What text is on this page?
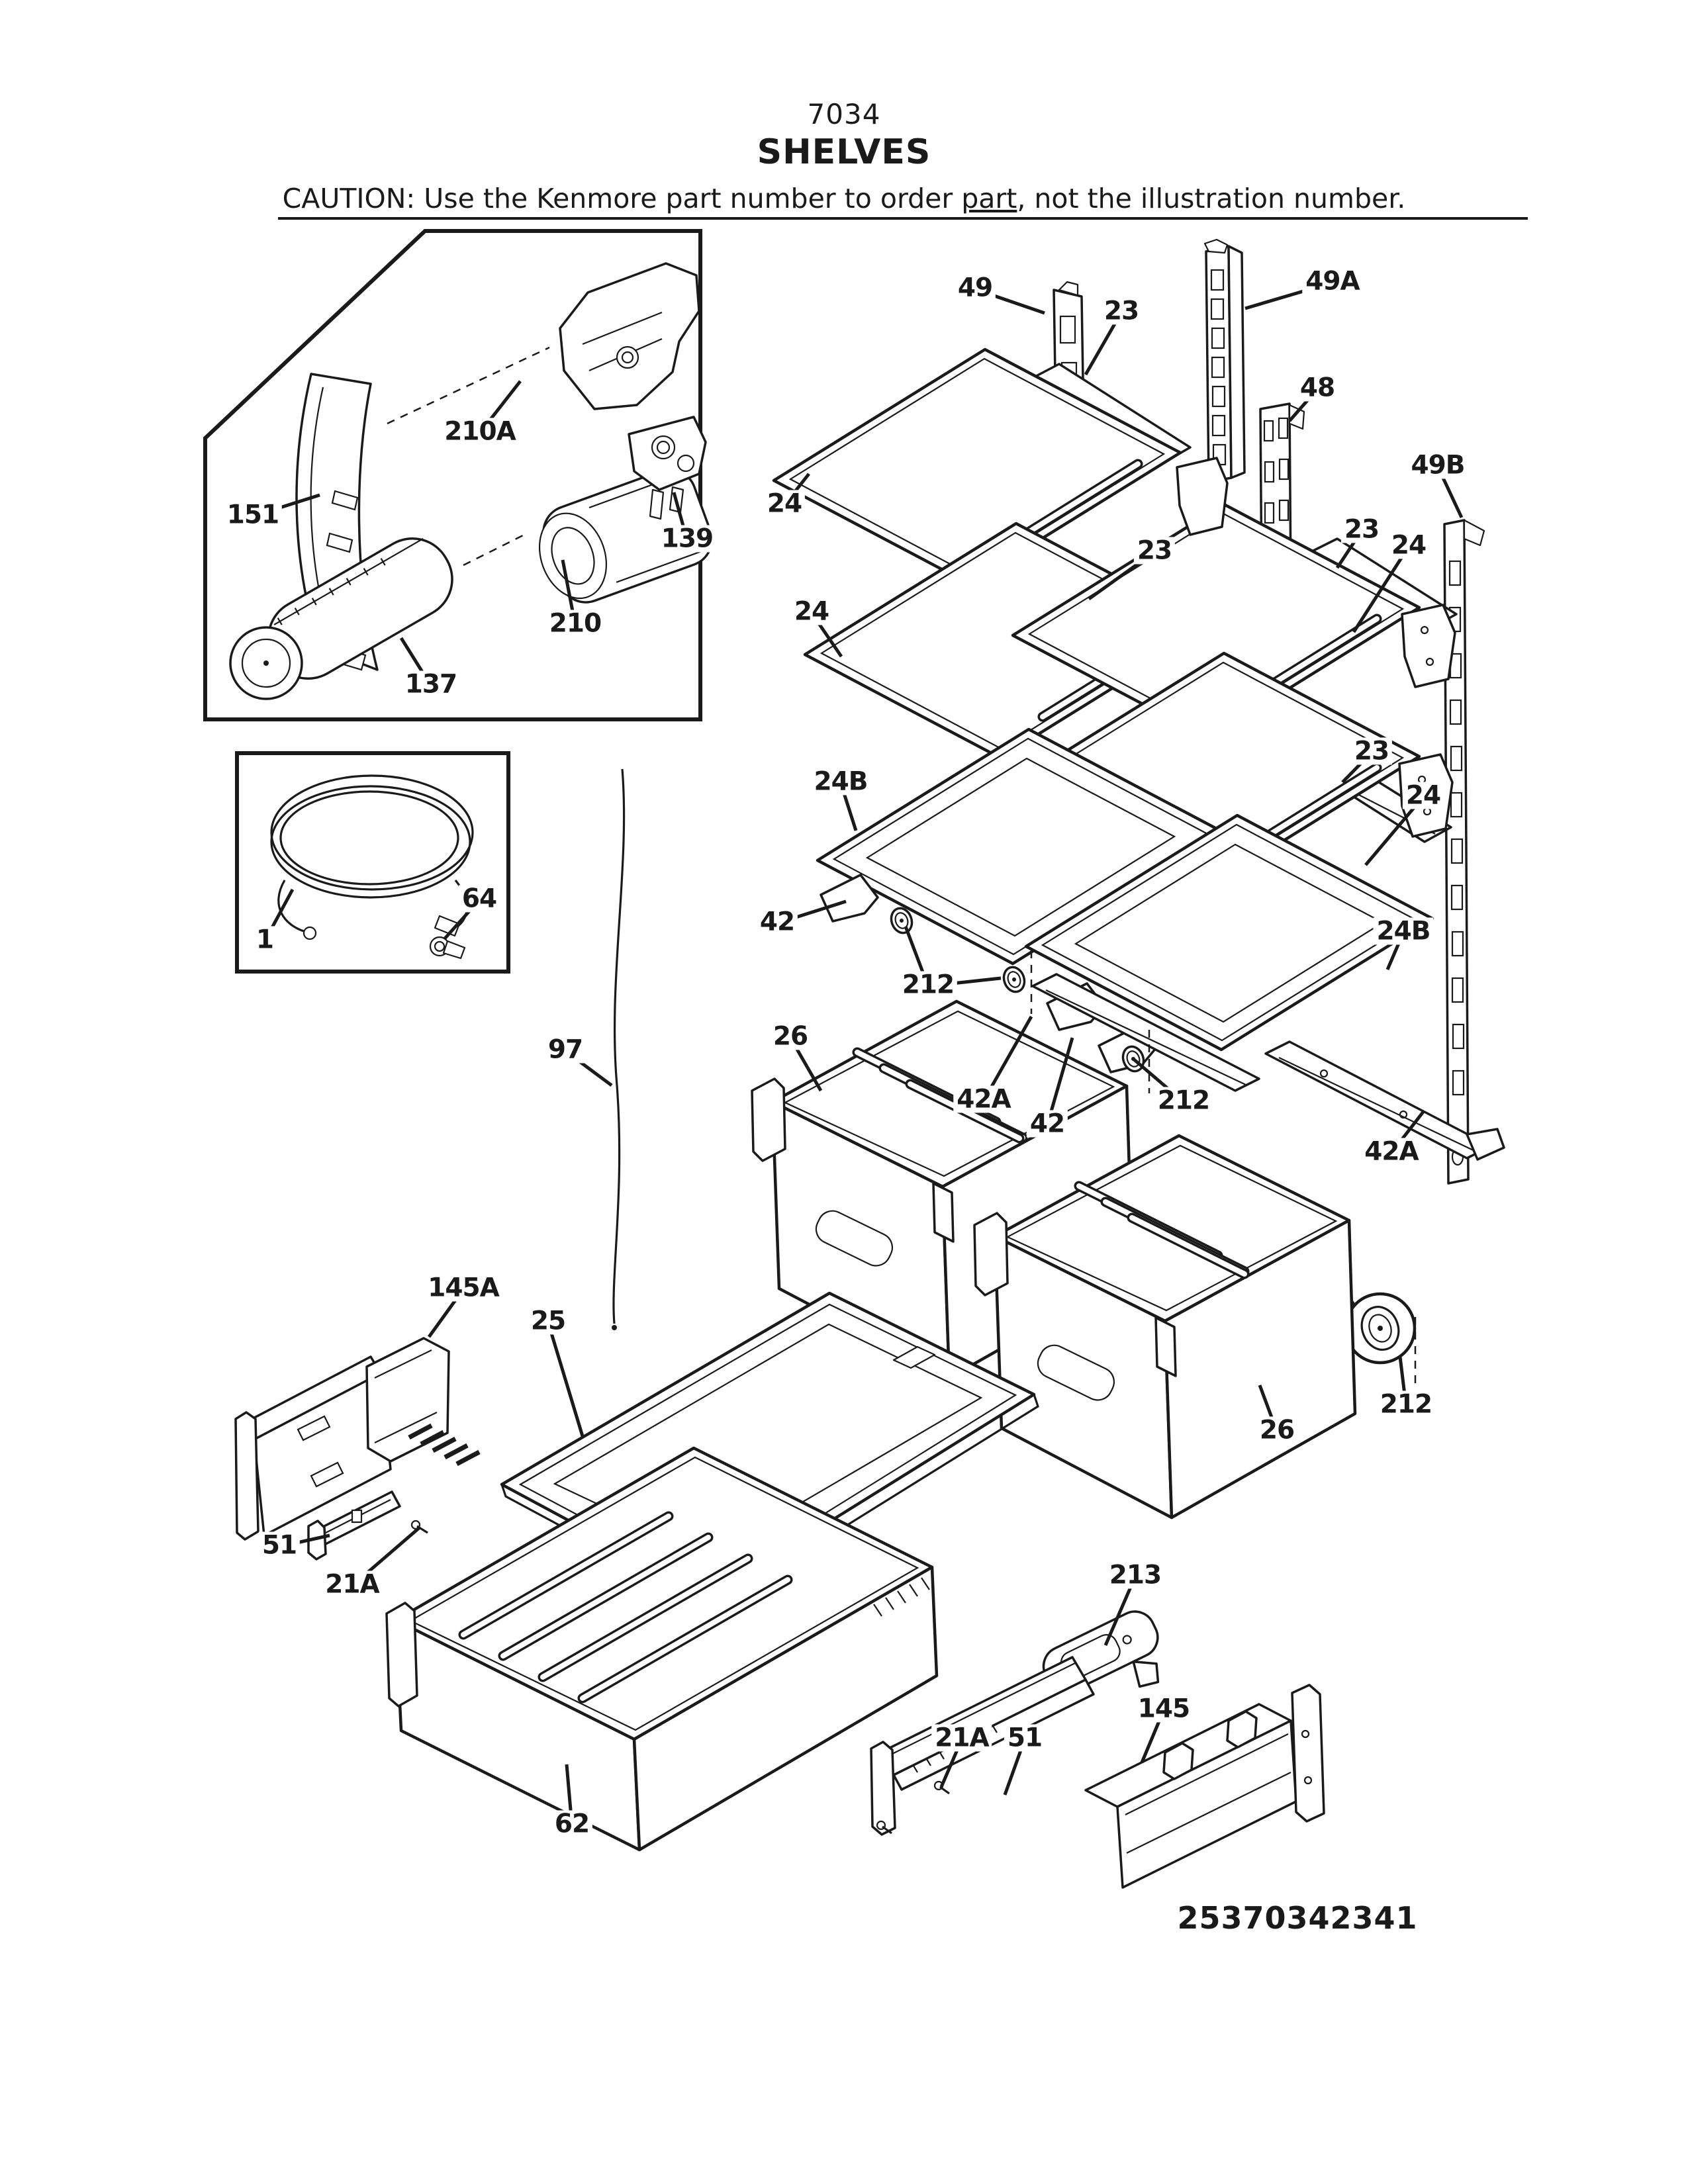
7034
SHELVES
CAUTION: Use the Kenmore part number to order part, not the illustration number.
210A
151
139
210
137
1
64
49
23
49A
48
49B
24
23
24
23
24
24B
23
24
42
212
24B
26
42A
42
212
42A
97
145A
25
51
21A	213
62
21A 51
145
26
212
25370342341
